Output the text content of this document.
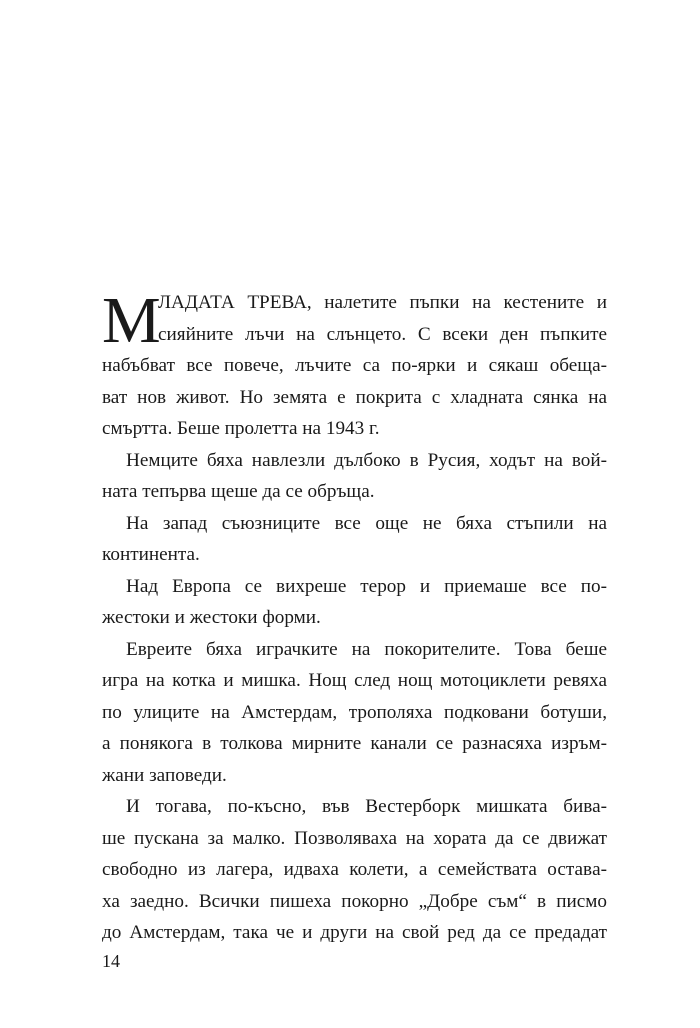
М
ЛАДАТА ТРЕВА, налетите пъпки на кестените и
сияйните лъчи на слънцето. С всеки ден пъпките
набъбват все повече, лъчите са по-ярки и сякаш обеща-
ват нов живот. Но земята е покрита с хладната сянка на
смъртта. Беше пролетта на 1943 г.
Немците бяха навлезли дълбоко в Русия, ходът на вой-
ната тепърва щеше да се обръща.
На запад съюзниците все още не бяха стъпили на
континента.
Над Европа се вихреше терор и приемаше все по-
жестоки и жестоки форми.
Евреите бяха играчките на покорителите. Това беше
игра на котка и мишка. Нощ след нощ мотоциклети ревяха
по улиците на Амстердам, трополяха подковани ботуши,
а понякога в толкова мирните канали се разнасяха изръм-
жани заповеди.
И тогава, по-късно, във Вестерборк мишката бива-
ше пускана за малко. Позволяваха на хората да се движат
свободно из лагера, идваха колети, а семействата оставa-
ха заедно. Всички пишеха покорно „Добре съм“ в писмо
до Амстердам, така че и други на свой ред да се предадат
14
